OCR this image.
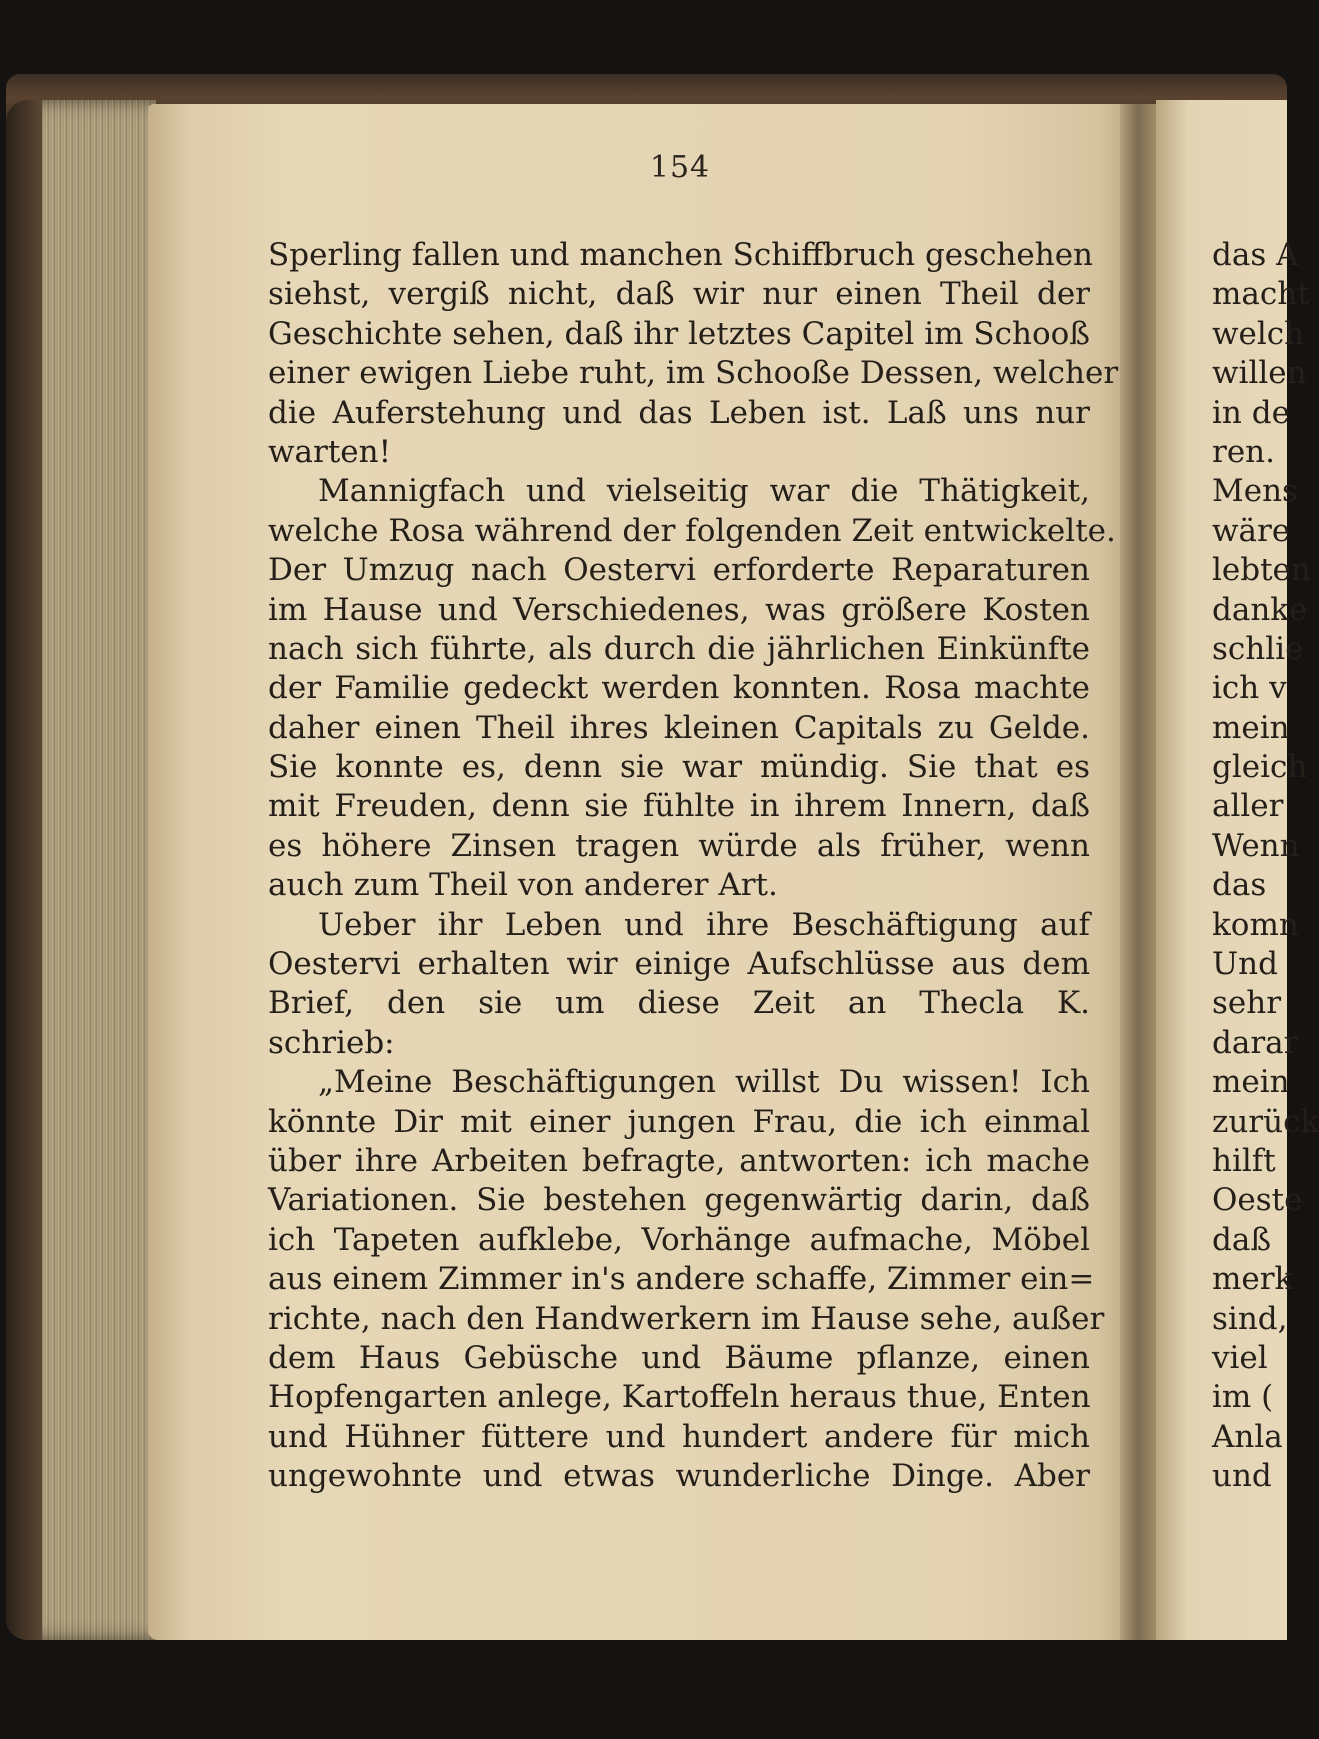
154
Sperling fallen und manchen Schiffbruch geschehen
siehst, vergiß nicht, daß wir nur einen Theil der
Geschichte sehen, daß ihr letztes Capitel im Schooß
einer ewigen Liebe ruht, im Schooße Dessen, welcher
die Auferstehung und das Leben ist. Laß uns nur
warten!
Mannigfach und vielseitig war die Thätigkeit,
welche Rosa während der folgenden Zeit entwickelte.
Der Umzug nach Oestervi erforderte Reparaturen
im Hause und Verschiedenes, was größere Kosten
nach sich führte, als durch die jährlichen Einkünfte
der Familie gedeckt werden konnten. Rosa machte
daher einen Theil ihres kleinen Capitals zu Gelde.
Sie konnte es, denn sie war mündig. Sie that es
mit Freuden, denn sie fühlte in ihrem Innern, daß
es höhere Zinsen tragen würde als früher, wenn
auch zum Theil von anderer Art.
Ueber ihr Leben und ihre Beschäftigung auf
Oestervi erhalten wir einige Aufschlüsse aus dem
Brief, den sie um diese Zeit an Thecla K.
schrieb:
„Meine Beschäftigungen willst Du wissen! Ich
könnte Dir mit einer jungen Frau, die ich einmal
über ihre Arbeiten befragte, antworten: ich mache
Variationen. Sie bestehen gegenwärtig darin, daß
ich Tapeten aufklebe, Vorhänge aufmache, Möbel
aus einem Zimmer in's andere schaffe, Zimmer ein=
richte, nach den Handwerkern im Hause sehe, außer
dem Haus Gebüsche und Bäume pflanze, einen
Hopfengarten anlege, Kartoffeln heraus thue, Enten
und Hühner füttere und hundert andere für mich
ungewohnte und etwas wunderliche Dinge. Aber
das A
macht
welch
willen
in de
ren.
Mens
wäre
lebten
danke
schlie
ich v
mein
gleich
aller
Wenn
das
komn
Und
sehr
darar
mein
zurück
hilft
Oeste
daß
merk
sind,
viel
im (
Anla
und
